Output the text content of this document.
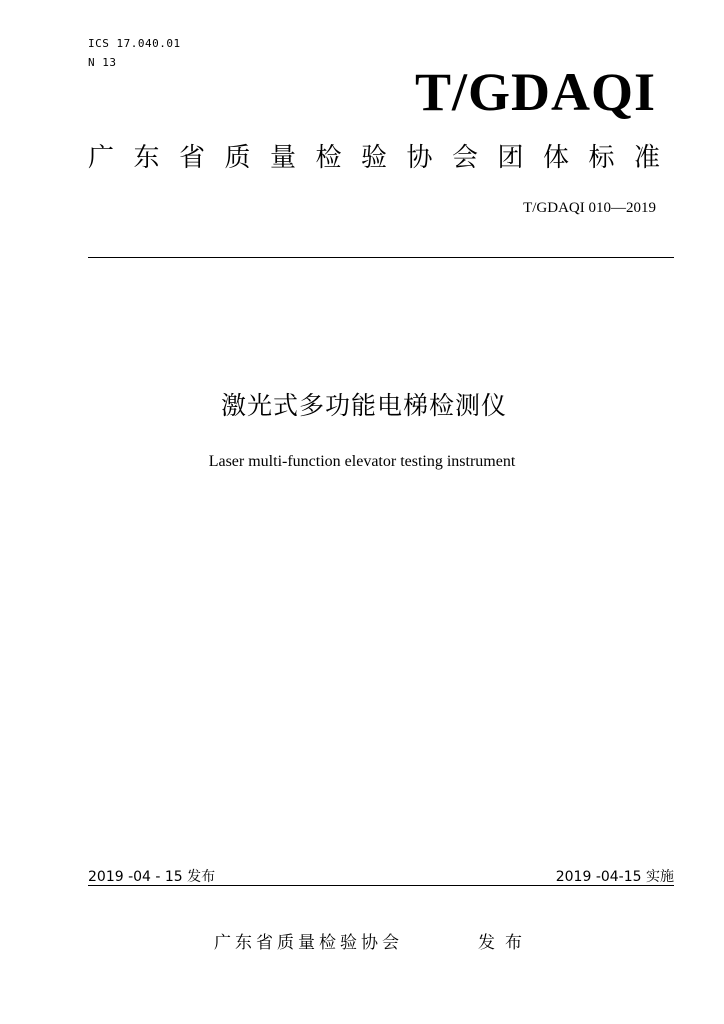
ICS 17.040.01
N 13	T/GDAQI
广东省质量检验协会团体标准
T/GDAQI 010—2019
激光式多功能电梯检测仪
Laser multi-function elevator testing instrument
2019 -04 - 15 发布	2019 -04-15 实施
广东省质量检验协会	发布
